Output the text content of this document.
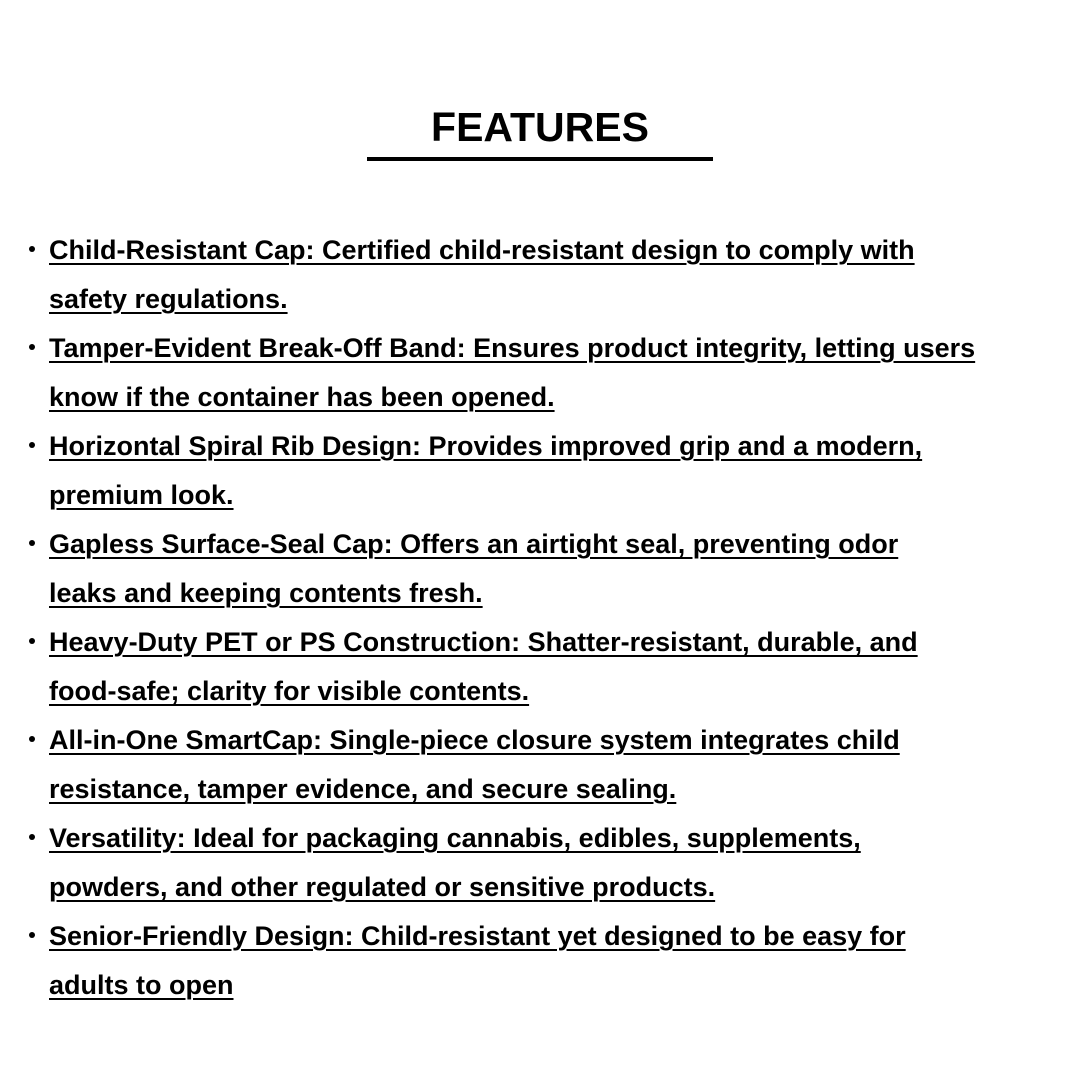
FEATURES
Child-Resistant Cap: Certified child-resistant design to comply with
safety regulations.
Tamper-Evident Break-Off Band: Ensures product integrity, letting users
know if the container has been opened.
Horizontal Spiral Rib Design: Provides improved grip and a modern,
premium look.
Gapless Surface-Seal Cap: Offers an airtight seal, preventing odor
leaks and keeping contents fresh.
Heavy-Duty PET or PS Construction: Shatter-resistant, durable, and
food-safe; clarity for visible contents.
All-in-One SmartCap: Single-piece closure system integrates child
resistance, tamper evidence, and secure sealing.
Versatility: Ideal for packaging cannabis, edibles, supplements,
powders, and other regulated or sensitive products.
Senior-Friendly Design: Child-resistant yet designed to be easy for
adults to open
